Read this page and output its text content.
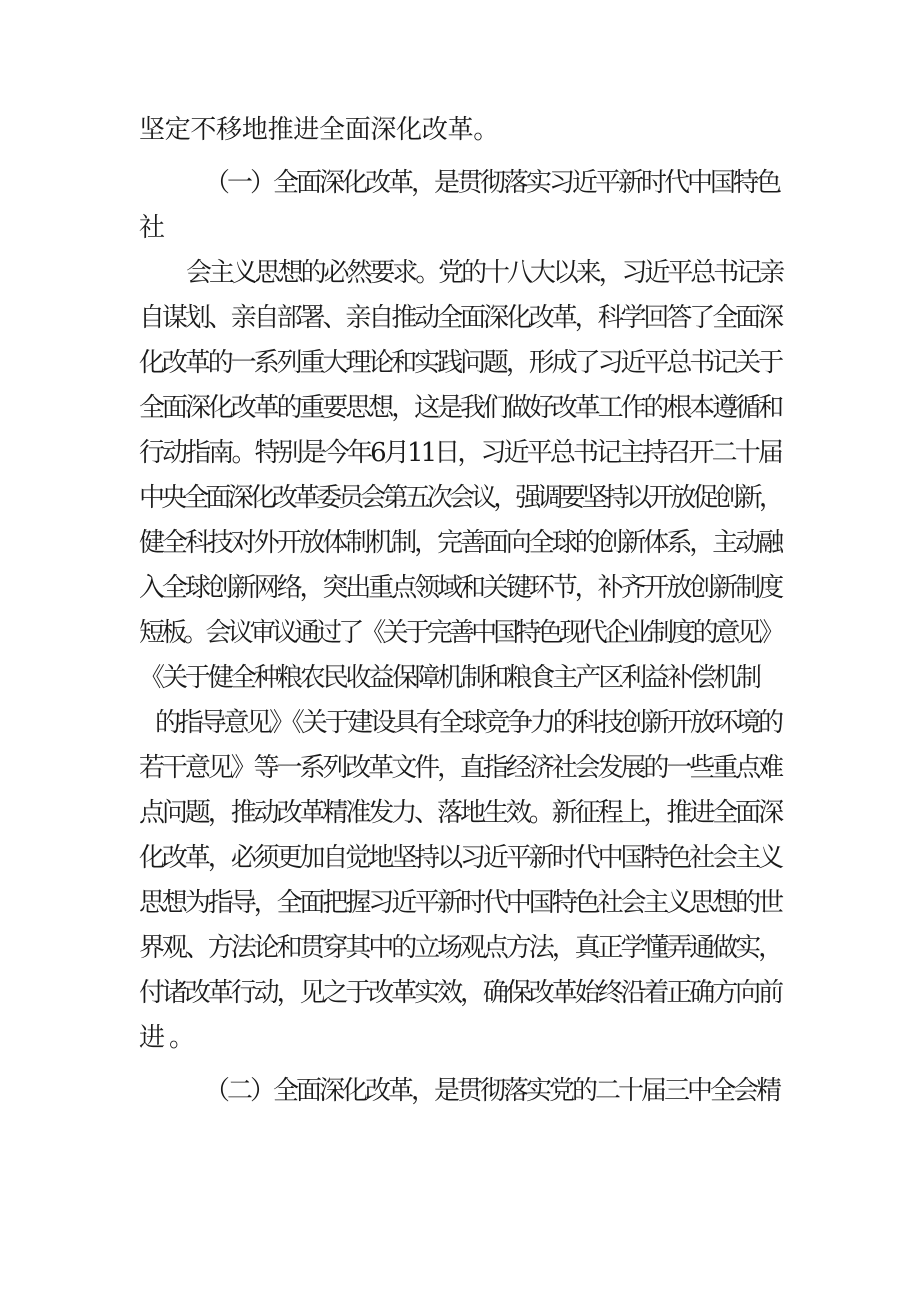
坚定不移地推进全面深化改革。
（一）全面深化改革，是贯彻落实习近平新时代中国特色
社
会主义思想的必然要求。党的十八大以来，习近平总书记亲
自谋划、亲自部署、亲自推动全面深化改革，科学回答了全面深
化改革的一系列重大理论和实践问题，形成了习近平总书记关于
全面深化改革的重要思想，这是我们做好改革工作的根本遵循和
行动指南。特别是今年6月11日，习近平总书记主持召开二十届
中央全面深化改革委员会第五次会议，强调要坚持以开放促创新，
健全科技对外开放体制机制，完善面向全球的创新体系，主动融
入全球创新网络，突出重点领域和关键环节，补齐开放创新制度
短板。会议审议通过了《关于完善中国特色现代企业制度的意见》
《关于健全种粮农民收益保障机制和粮食主产区利益补偿机制
的指导意见》《关于建设具有全球竞争力的科技创新开放环境的
若干意见》等一系列改革文件，直指经济社会发展的一些重点难
点问题，推动改革精准发力、落地生效。新征程上，推进全面深
化改革，必须更加自觉地坚持以习近平新时代中国特色社会主义
思想为指导，全面把握习近平新时代中国特色社会主义思想的世
界观、方法论和贯穿其中的立场观点方法，真正学懂弄通做实，
付诸改革行动，见之于改革实效，确保改革始终沿着正确方向前
进。
（二）全面深化改革，是贯彻落实党的二十届三中全会精
